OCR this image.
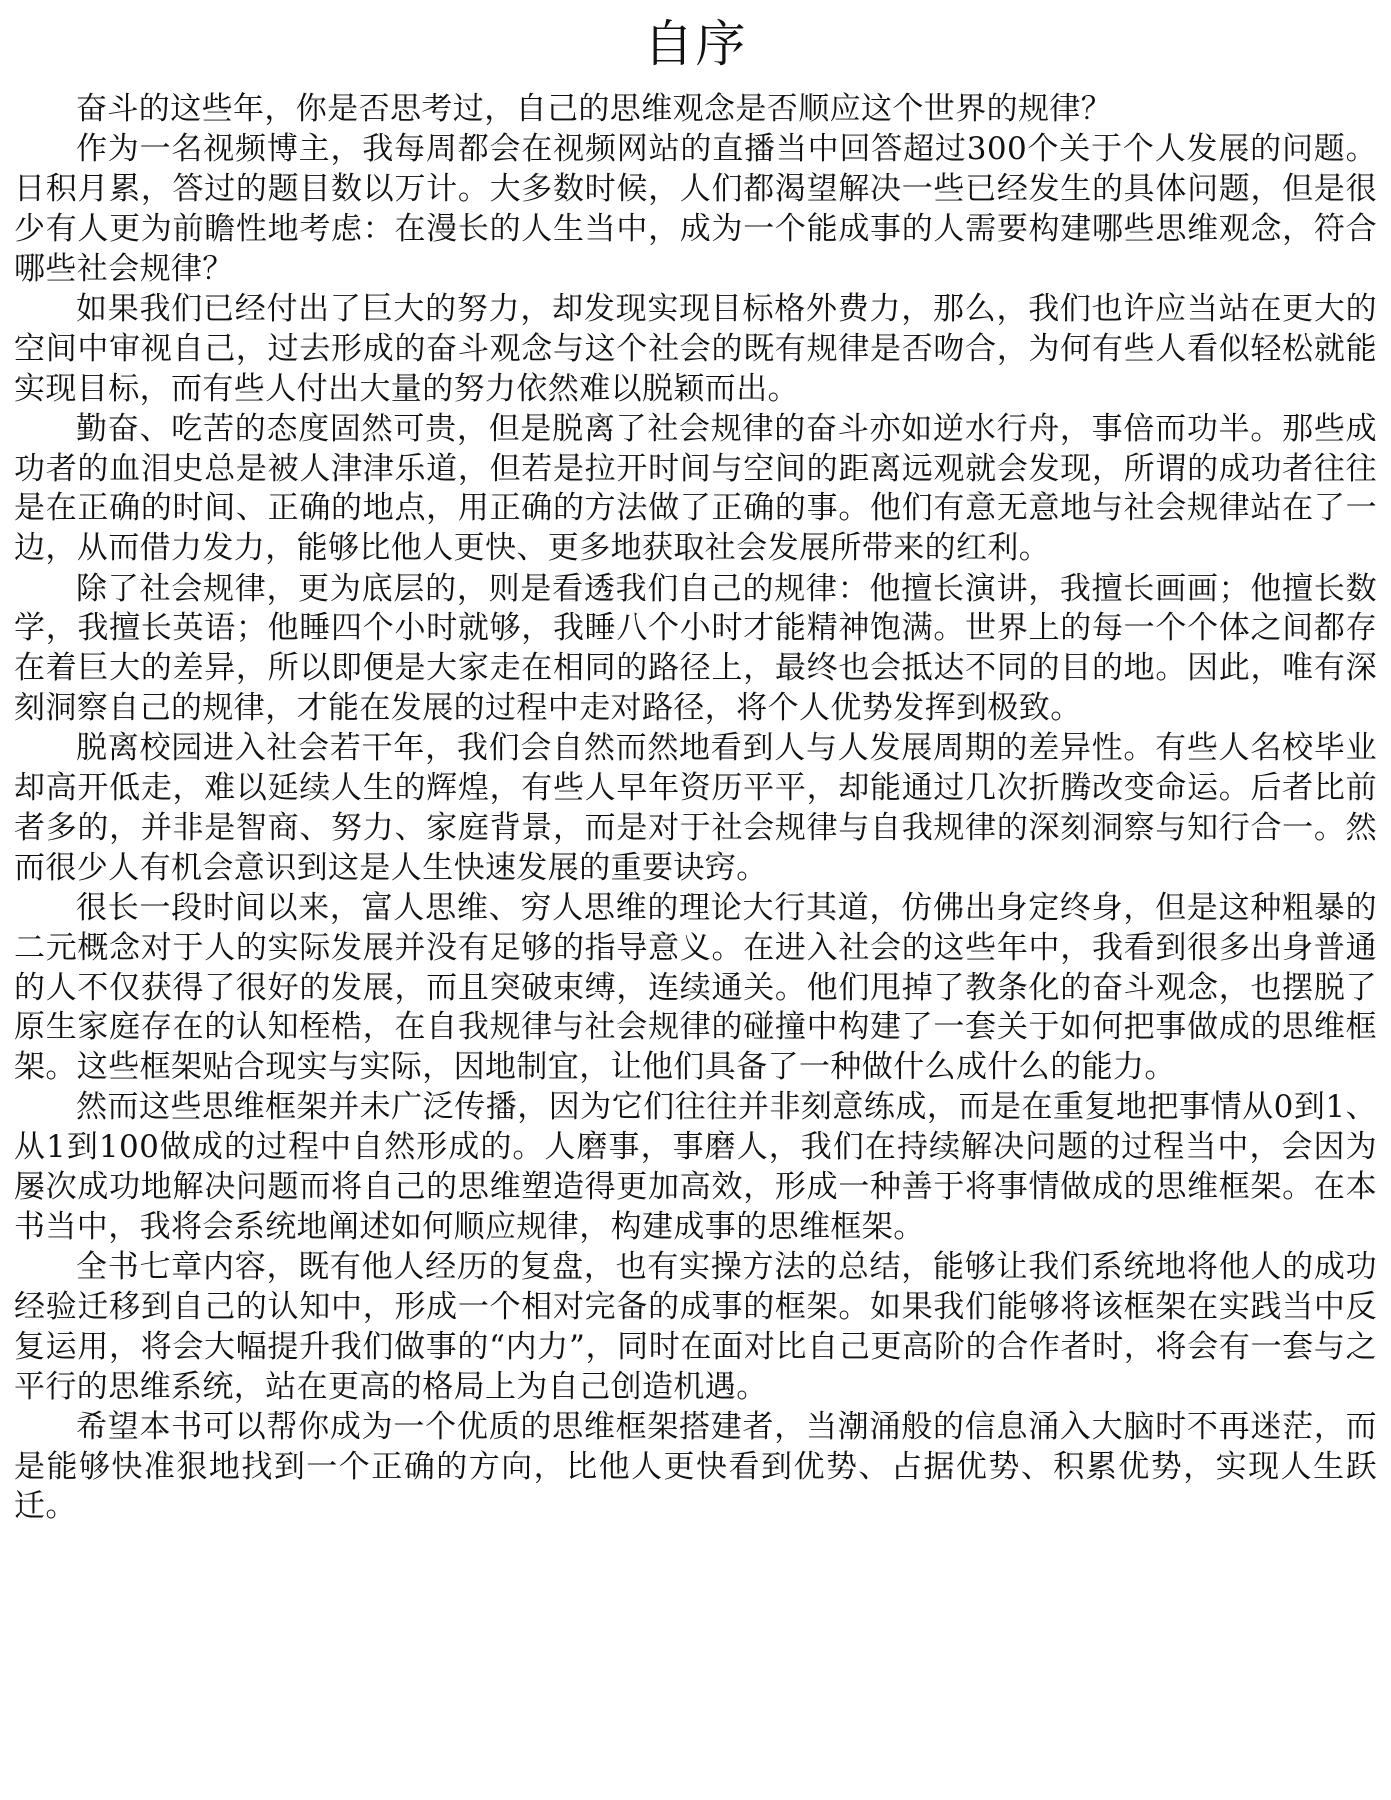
自序

奋斗的这些年，你是否思考过，自己的思维观念是否顺应这个世界的规律？

作为一名视频博主，我每周都会在视频网站的直播当中回答超过300个关于个人发展的问题。日积月累，答过的题目数以万计。大多数时候，人们都渴望解决一些已经发生的具体问题，但是很少有人更为前瞻性地考虑：在漫长的人生当中，成为一个能成事的人需要构建哪些思维观念，符合哪些社会规律？

如果我们已经付出了巨大的努力，却发现实现目标格外费力，那么，我们也许应当站在更大的空间中审视自己，过去形成的奋斗观念与这个社会的既有规律是否吻合，为何有些人看似轻松就能实现目标，而有些人付出大量的努力依然难以脱颖而出。

勤奋、吃苦的态度固然可贵，但是脱离了社会规律的奋斗亦如逆水行舟，事倍而功半。那些成功者的血泪史总是被人津津乐道，但若是拉开时间与空间的距离远观就会发现，所谓的成功者往往是在正确的时间、正确的地点，用正确的方法做了正确的事。他们有意无意地与社会规律站在了一边，从而借力发力，能够比他人更快、更多地获取社会发展所带来的红利。

除了社会规律，更为底层的，则是看透我们自己的规律：他擅长演讲，我擅长画画；他擅长数学，我擅长英语；他睡四个小时就够，我睡八个小时才能精神饱满。世界上的每一个个体之间都存在着巨大的差异，所以即便是大家走在相同的路径上，最终也会抵达不同的目的地。因此，唯有深刻洞察自己的规律，才能在发展的过程中走对路径，将个人优势发挥到极致。

脱离校园进入社会若干年，我们会自然而然地看到人与人发展周期的差异性。有些人名校毕业却高开低走，难以延续人生的辉煌，有些人早年资历平平，却能通过几次折腾改变命运。后者比前者多的，并非是智商、努力、家庭背景，而是对于社会规律与自我规律的深刻洞察与知行合一。然而很少人有机会意识到这是人生快速发展的重要诀窍。

很长一段时间以来，富人思维、穷人思维的理论大行其道，仿佛出身定终身，但是这种粗暴的二元概念对于人的实际发展并没有足够的指导意义。在进入社会的这些年中，我看到很多出身普通的人不仅获得了很好的发展，而且突破束缚，连续通关。他们甩掉了教条化的奋斗观念，也摆脱了原生家庭存在的认知桎梏，在自我规律与社会规律的碰撞中构建了一套关于如何把事做成的思维框架。这些框架贴合现实与实际，因地制宜，让他们具备了一种做什么成什么的能力。

然而这些思维框架并未广泛传播，因为它们往往并非刻意练成，而是在重复地把事情从0到1、从1到100做成的过程中自然形成的。人磨事，事磨人，我们在持续解决问题的过程当中，会因为屡次成功地解决问题而将自己的思维塑造得更加高效，形成一种善于将事情做成的思维框架。在本书当中，我将会系统地阐述如何顺应规律，构建成事的思维框架。

全书七章内容，既有他人经历的复盘，也有实操方法的总结，能够让我们系统地将他人的成功经验迁移到自己的认知中，形成一个相对完备的成事的框架。如果我们能够将该框架在实践当中反复运用，将会大幅提升我们做事的“内力”，同时在面对比自己更高阶的合作者时，将会有一套与之平行的思维系统，站在更高的格局上为自己创造机遇。

希望本书可以帮你成为一个优质的思维框架搭建者，当潮涌般的信息涌入大脑时不再迷茫，而是能够快准狠地找到一个正确的方向，比他人更快看到优势、占据优势、积累优势，实现人生跃迁。
